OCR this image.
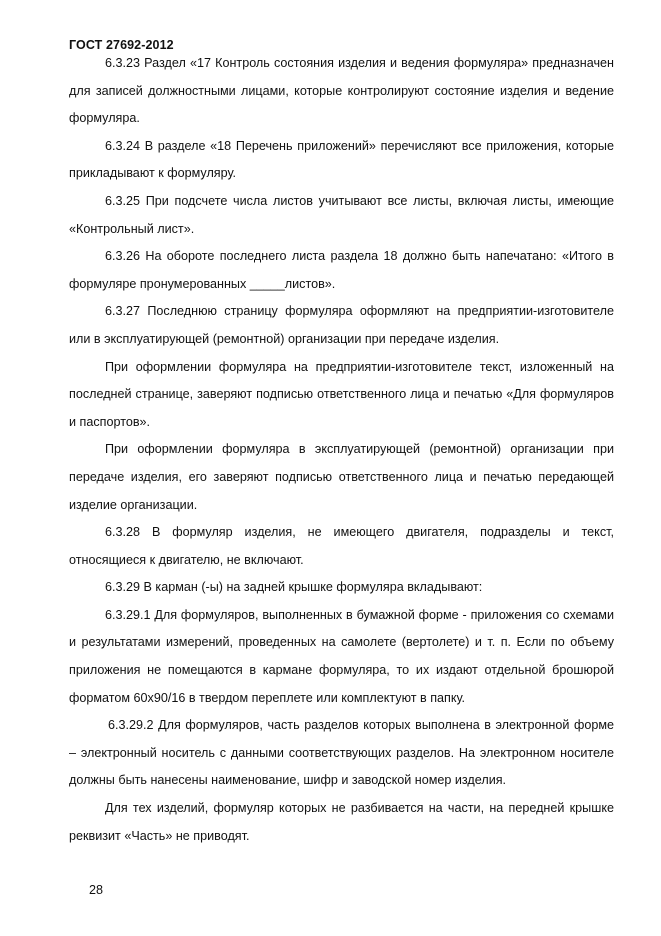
ГОСТ 27692-2012

6.3.23 Раздел «17 Контроль состояния изделия и ведения формуляра» предназначен для записей должностными лицами, которые контролируют состояние изделия и ведение формуляра.

6.3.24 В разделе «18 Перечень приложений» перечисляют все приложения, которые прикладывают к формуляру.

6.3.25 При подсчете числа листов учитывают все листы, включая листы, имеющие «Контрольный лист».

6.3.26 На обороте последнего листа раздела 18 должно быть напечатано: «Итого в формуляре пронумерованных _____листов».

6.3.27 Последнюю страницу формуляра оформляют на предприятии-изготовителе или в эксплуатирующей (ремонтной) организации при передаче изделия.

При оформлении формуляра на предприятии-изготовителе текст, изложенный на последней странице, заверяют подписью ответственного лица и печатью «Для формуляров и паспортов».

При оформлении формуляра в эксплуатирующей (ремонтной) организации при передаче изделия, его заверяют подписью ответственного лица и печатью передающей изделие организации.

6.3.28 В формуляр изделия, не имеющего двигателя, подразделы и текст, относящиеся к двигателю, не включают.

6.3.29 В карман (-ы) на задней крышке формуляра вкладывают:

6.3.29.1 Для формуляров, выполненных в бумажной форме - приложения со схемами и результатами измерений, проведенных на самолете (вертолете) и т. п. Если по объему приложения не помещаются в кармане формуляра, то их издают отдельной брошюрой форматом 60x90/16 в твердом переплете или комплектуют в папку.

6.3.29.2 Для формуляров, часть разделов которых выполнена в электронной форме – электронный носитель с данными соответствующих разделов. На электронном носителе должны быть нанесены наименование, шифр и заводской номер изделия.

Для тех изделий, формуляр которых не разбивается на части, на передней крышке реквизит «Часть» не приводят.

28
